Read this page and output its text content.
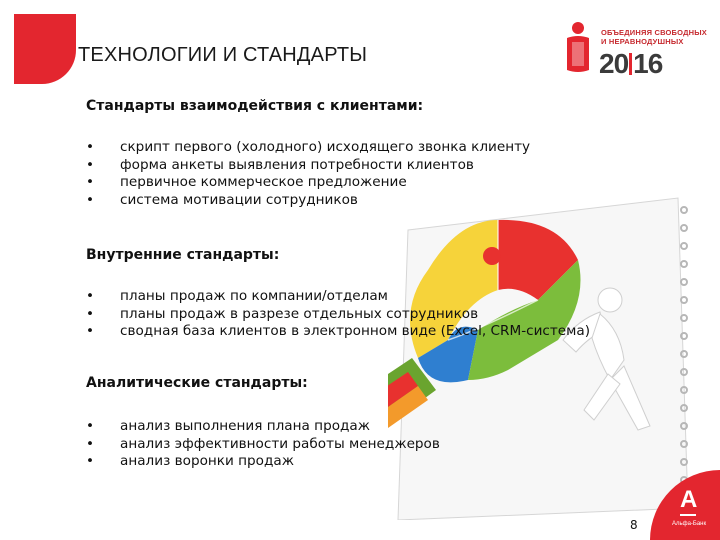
ТЕХНОЛОГИИ И СТАНДАРТЫ
ОБЪЕДИНЯЯ СВОБОДНЫХ
И НЕРАВНОДУШНЫХ
20 16
Стандарты взаимодействия с клиентами:
• скрипт первого (холодного) исходящего звонка клиенту
• форма анкеты выявления потребности клиентов
• первичное коммерческое предложение
• система мотивации сотрудников
Внутренние стандарты:
• планы продаж по компании/отделам
• планы продаж в разрезе отдельных сотрудников
• сводная база клиентов в электронном виде (Excel, CRM-система)
Аналитические стандарты:
• анализ выполнения плана продаж
• анализ эффективности работы менеджеров
• анализ воронки продаж
8
А
Альфа-Банк
